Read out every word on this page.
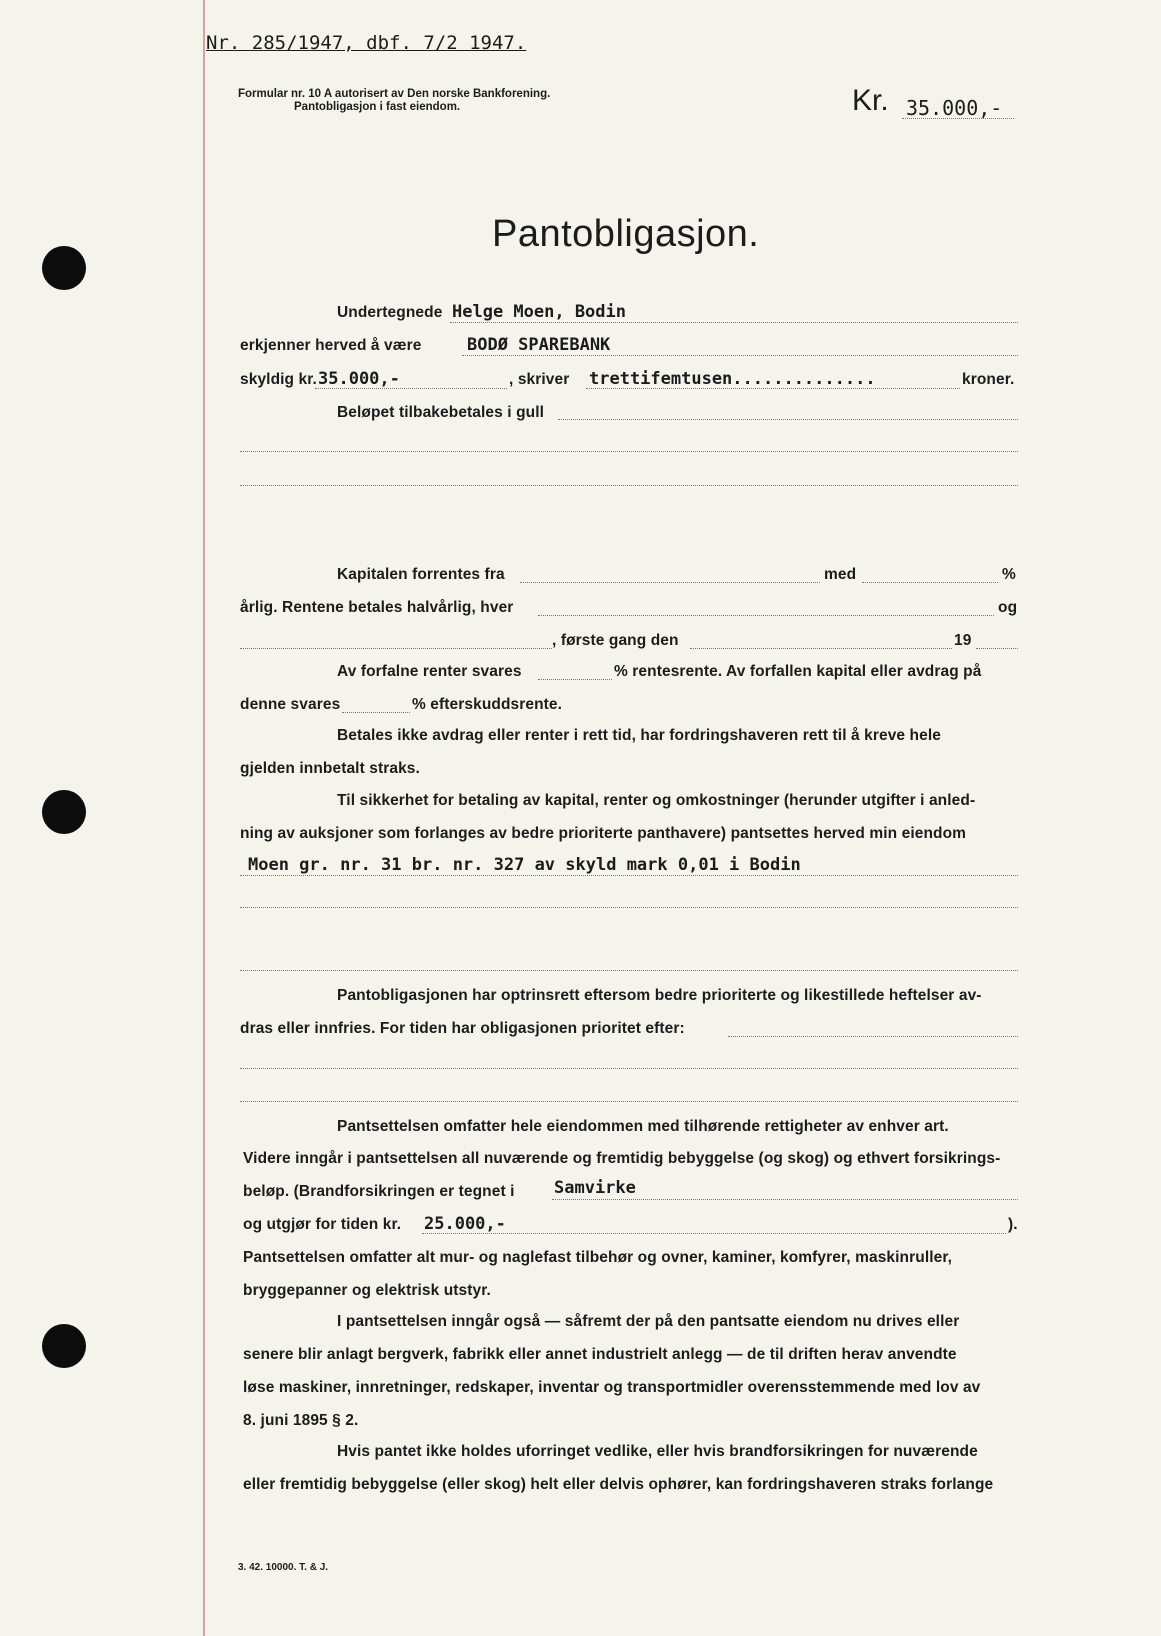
Nr. 285/1947, dbf. 7/2 1947.
Formular nr. 10 A autorisert av Den norske Bankforening.
Pantobligasjon i fast eiendom.	Kr. 35.000,-
Pantobligasjon.
Undertegnede Helge Moen, Bodin
erkjenner herved å være	BODØ SPAREBANK
skyldig kr. 35.000,-	, skriver trettifemtusen..............	kroner.
Beløpet tilbakebetales i gull
Kapitalen forrentes fra	med	%
årlig. Rentene betales halvårlig, hver	og
, første gang den	19
Av forfalne renter svares	% rentesrente. Av forfallen kapital eller avdrag på
denne svares	% efterskuddsrente.
Betales ikke avdrag eller renter i rett tid, har fordringshaveren rett til å kreve hele
gjelden innbetalt straks.
Til sikkerhet for betaling av kapital, renter og omkostninger (herunder utgifter i anled-
ning av auksjoner som forlanges av bedre prioriterte panthavere) pantsettes herved min eiendom
Moen gr. nr. 31 br. nr. 327 av skyld mark 0,01 i Bodin
Pantobligasjonen har optrinsrett eftersom bedre prioriterte og likestillede heftelser av-
dras eller innfries. For tiden har obligasjonen prioritet efter:
Pantsettelsen omfatter hele eiendommen med tilhørende rettigheter av enhver art.
Videre inngår i pantsettelsen all nuværende og fremtidig bebyggelse (og skog) og ethvert forsikrings-
beløp. (Brandforsikringen er tegnet i Samvirke
og utgjør for tiden kr. 25.000,-	).
Pantsettelsen omfatter alt mur- og naglefast tilbehør og ovner, kaminer, komfyrer, maskinruller,
bryggepanner og elektrisk utstyr.
I pantsettelsen inngår også — såfremt der på den pantsatte eiendom nu drives eller
senere blir anlagt bergverk, fabrikk eller annet industrielt anlegg — de til driften herav anvendte
løse maskiner, innretninger, redskaper, inventar og transportmidler overensstemmende med lov av
8. juni 1895 § 2.
Hvis pantet ikke holdes uforringet vedlike, eller hvis brandforsikringen for nuværende
eller fremtidig bebyggelse (eller skog) helt eller delvis ophører, kan fordringshaveren straks forlange
3. 42. 10000. T. & J.
